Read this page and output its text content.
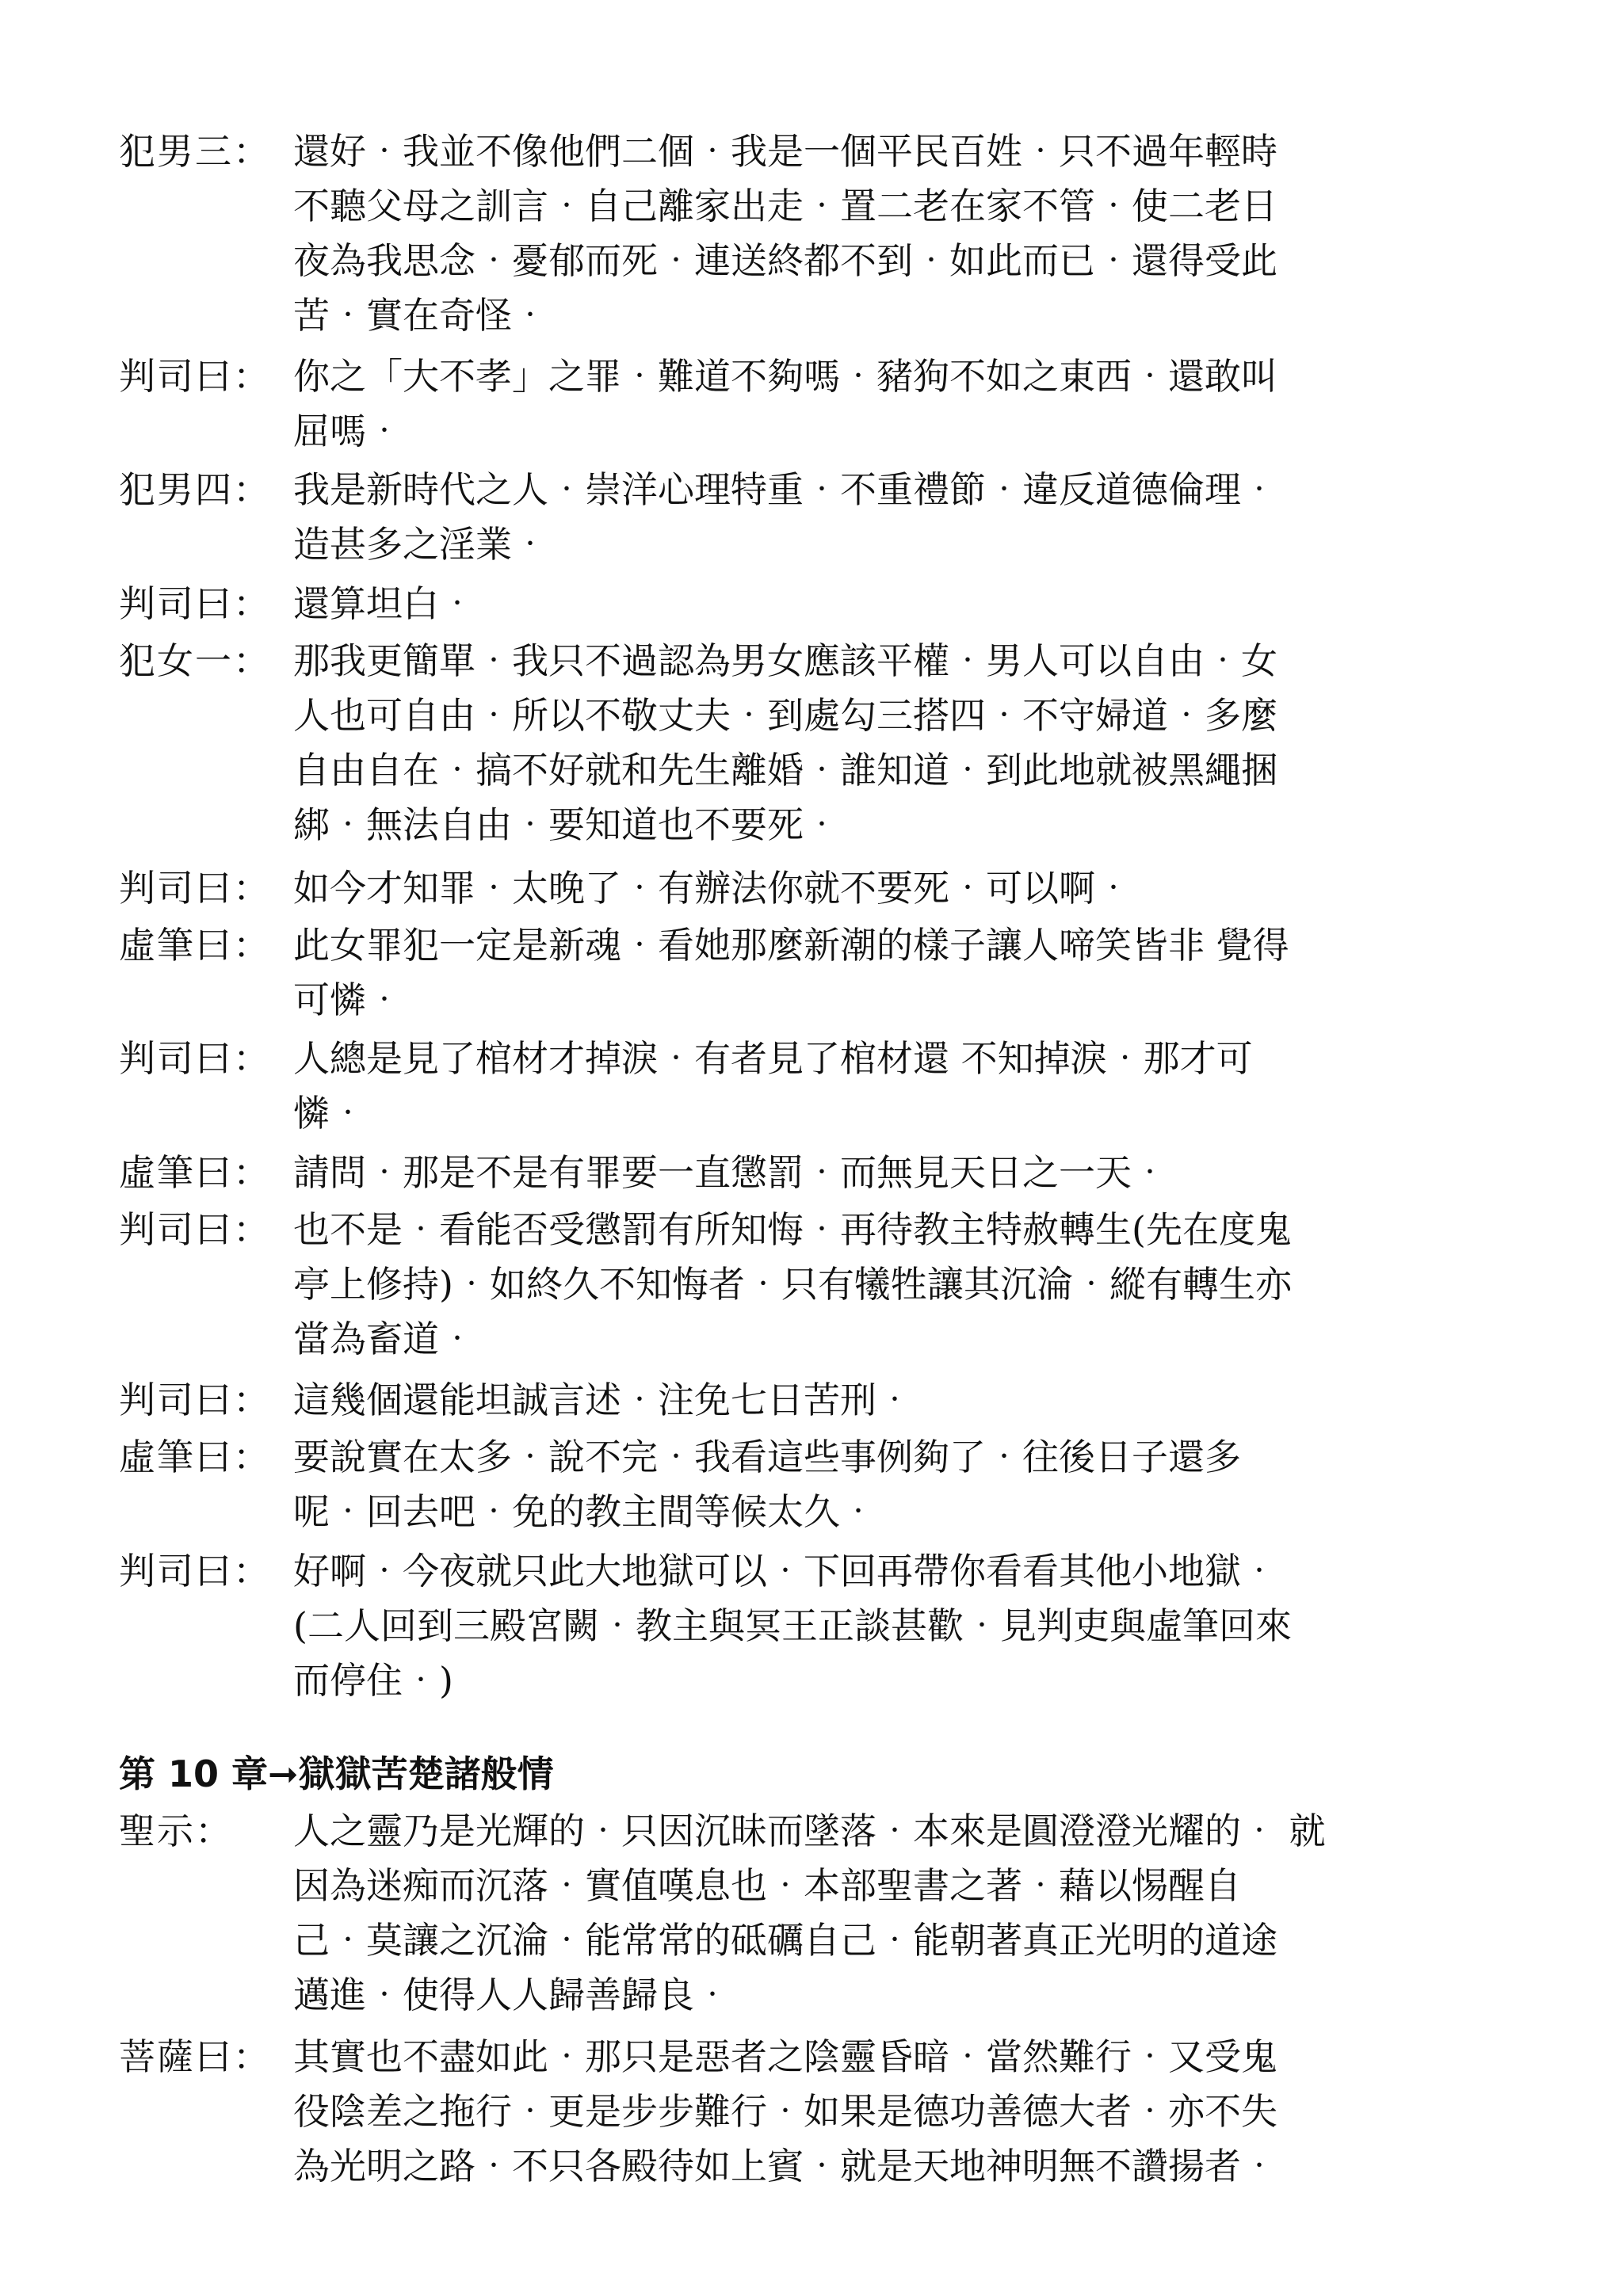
犯男三： 還好‧我並不像他們二個‧我是一個平民百姓‧只不過年輕時
不聽父母之訓言‧自己離家出走‧置二老在家不管‧使二老日
夜為我思念‧憂郁而死‧連送終都不到‧如此而已‧還得受此
苦‧實在奇怪‧
判司曰： 你之「大不孝」之罪‧難道不夠嗎‧豬狗不如之東西‧還敢叫
屈嗎‧
犯男四： 我是新時代之人‧崇洋心理特重‧不重禮節‧違反道德倫理‧
造甚多之淫業‧
判司曰： 還算坦白‧
犯女一： 那我更簡單‧我只不過認為男女應該平權‧男人可以自由‧女
人也可自由‧所以不敬丈夫‧到處勾三搭四‧不守婦道‧多麼
自由自在‧搞不好就和先生離婚‧誰知道‧到此地就被黑繩捆
綁‧無法自由‧要知道也不要死‧
判司曰： 如今才知罪‧太晚了‧有辦法你就不要死‧可以啊‧
虛筆曰： 此女罪犯一定是新魂‧看她那麼新潮的樣子讓人啼笑皆非 覺得
可憐‧
判司曰： 人總是見了棺材才掉淚‧有者見了棺材還 不知掉淚‧那才可
憐‧
虛筆曰： 請問‧那是不是有罪要一直懲罰‧而無見天日之一天‧
判司曰： 也不是‧看能否受懲罰有所知悔‧再待教主特赦轉生(先在度鬼
亭上修持)‧如終久不知悔者‧只有犧牲讓其沉淪‧縱有轉生亦
當為畜道‧
判司曰： 這幾個還能坦誠言述‧注免七日苦刑‧
虛筆曰： 要說實在太多‧說不完‧我看這些事例夠了‧往後日子還多
呢‧回去吧‧免的教主間等候太久‧
判司曰： 好啊‧今夜就只此大地獄可以‧下回再帶你看看其他小地獄‧
(二人回到三殿宮闕‧教主與冥王正談甚歡‧見判吏與虛筆回來
而停住‧)
第 10 章➞獄獄苦楚諸般情
聖示：	人之靈乃是光輝的‧只因沉昧而墜落‧本來是圓澄澄光耀的‧ 就
因為迷痴而沉落‧實值嘆息也‧本部聖書之著‧藉以惕醒自
己‧莫讓之沉淪‧能常常的砥礪自己‧能朝著真正光明的道途
邁進‧使得人人歸善歸良‧
菩薩曰： 其實也不盡如此‧那只是惡者之陰靈昏暗‧當然難行‧又受鬼
役陰差之拖行‧更是步步難行‧如果是德功善德大者‧亦不失
為光明之路‧不只各殿待如上賓‧就是天地神明無不讚揚者‧
